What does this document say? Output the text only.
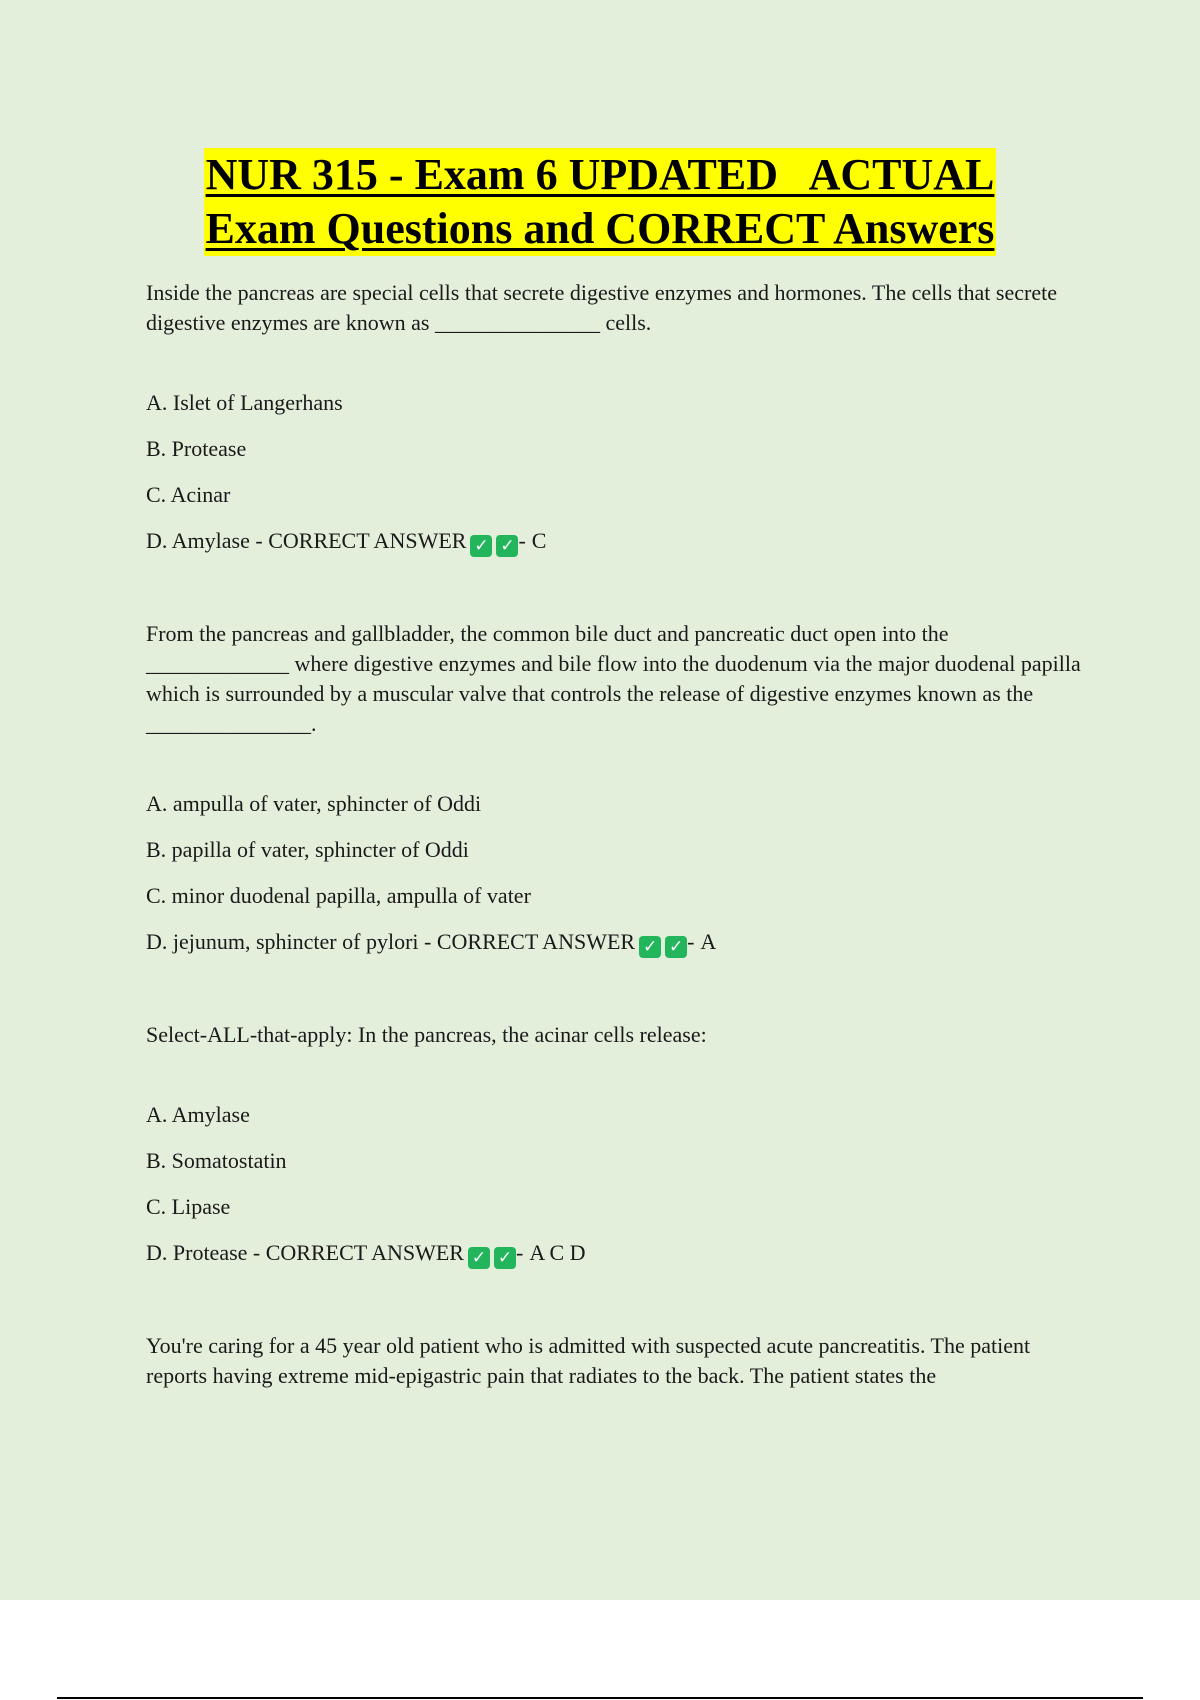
NUR 315 - Exam 6 UPDATED   ACTUAL
Exam Questions and CORRECT Answers

Inside the pancreas are special cells that secrete digestive enzymes and hormones. The cells that secrete digestive enzymes are known as _______________ cells.

A. Islet of Langerhans

B. Protease

C. Acinar

D. Amylase - CORRECT ANSWER ✓ ✓ - C

From the pancreas and gallbladder, the common bile duct and pancreatic duct open into the _____________ where digestive enzymes and bile flow into the duodenum via the major duodenal papilla which is surrounded by a muscular valve that controls the release of digestive enzymes known as the _______________.

A. ampulla of vater, sphincter of Oddi

B. papilla of vater, sphincter of Oddi

C. minor duodenal papilla, ampulla of vater

D. jejunum, sphincter of pylori - CORRECT ANSWER ✓ ✓ - A

Select-ALL-that-apply: In the pancreas, the acinar cells release:

A. Amylase

B. Somatostatin

C. Lipase

D. Protease - CORRECT ANSWER ✓ ✓ - A C D

You're caring for a 45 year old patient who is admitted with suspected acute pancreatitis. The patient reports having extreme mid-epigastric pain that radiates to the back. The patient states the
